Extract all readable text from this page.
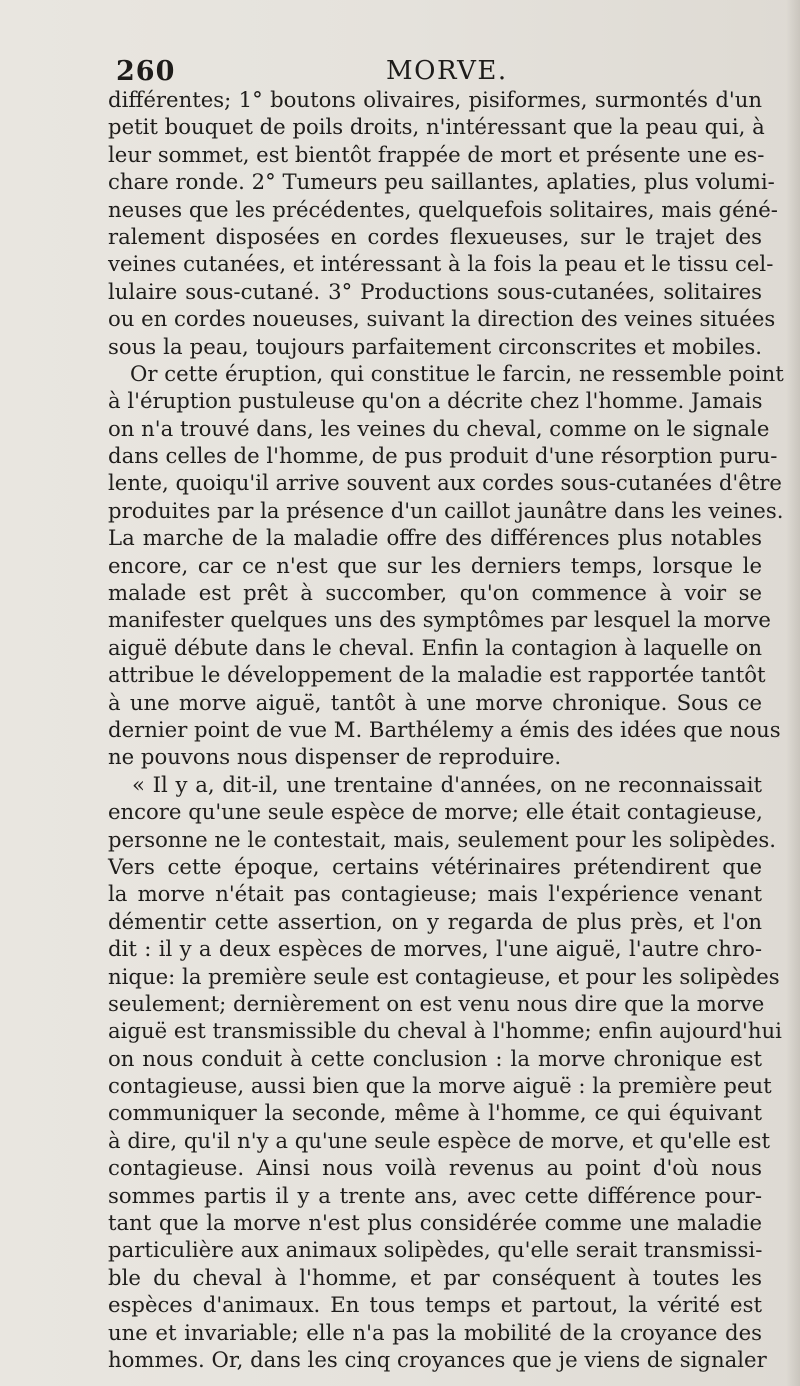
260	MORVE.
différentes; 1° boutons olivaires, pisiformes, surmontés d'un
petit bouquet de poils droits, n'intéressant que la peau qui, à
leur sommet, est bientôt frappée de mort et présente une es-
chare ronde. 2° Tumeurs peu saillantes, aplaties, plus volumi-
neuses que les précédentes, quelquefois solitaires, mais géné-
ralement disposées en cordes flexueuses, sur le trajet des
veines cutanées, et intéressant à la fois la peau et le tissu cel-
lulaire sous-cutané. 3° Productions sous-cutanées, solitaires
ou en cordes noueuses, suivant la direction des veines situées
sous la peau, toujours parfaitement circonscrites et mobiles.
Or cette éruption, qui constitue le farcin, ne ressemble point
à l'éruption pustuleuse qu'on a décrite chez l'homme. Jamais
on n'a trouvé dans, les veines du cheval, comme on le signale
dans celles de l'homme, de pus produit d'une résorption puru-
lente, quoiqu'il arrive souvent aux cordes sous-cutanées d'être
produites par la présence d'un caillot jaunâtre dans les veines.
La marche de la maladie offre des différences plus notables
encore, car ce n'est que sur les derniers temps, lorsque le
malade est prêt à succomber, qu'on commence à voir se
manifester quelques uns des symptômes par lesquel la morve
aiguë débute dans le cheval. Enfin la contagion à laquelle on
attribue le développement de la maladie est rapportée tantôt
à une morve aiguë, tantôt à une morve chronique. Sous ce
dernier point de vue M. Barthélemy a émis des idées que nous
ne pouvons nous dispenser de reproduire.
« Il y a, dit-il, une trentaine d'années, on ne reconnaissait
encore qu'une seule espèce de morve; elle était contagieuse,
personne ne le contestait, mais, seulement pour les solipèdes.
Vers cette époque, certains vétérinaires prétendirent que
la morve n'était pas contagieuse; mais l'expérience venant
démentir cette assertion, on y regarda de plus près, et l'on
dit : il y a deux espèces de morves, l'une aiguë, l'autre chro-
nique: la première seule est contagieuse, et pour les solipèdes
seulement; dernièrement on est venu nous dire que la morve
aiguë est transmissible du cheval à l'homme; enfin aujourd'hui
on nous conduit à cette conclusion : la morve chronique est
contagieuse, aussi bien que la morve aiguë : la première peut
communiquer la seconde, même à l'homme, ce qui équivant
à dire, qu'il n'y a qu'une seule espèce de morve, et qu'elle est
contagieuse. Ainsi nous voilà revenus au point d'où nous
sommes partis il y a trente ans, avec cette différence pour-
tant que la morve n'est plus considérée comme une maladie
particulière aux animaux solipèdes, qu'elle serait transmissi-
ble du cheval à l'homme, et par conséquent à toutes les
espèces d'animaux. En tous temps et partout, la vérité est
une et invariable; elle n'a pas la mobilité de la croyance des
hommes. Or, dans les cinq croyances que je viens de signaler
